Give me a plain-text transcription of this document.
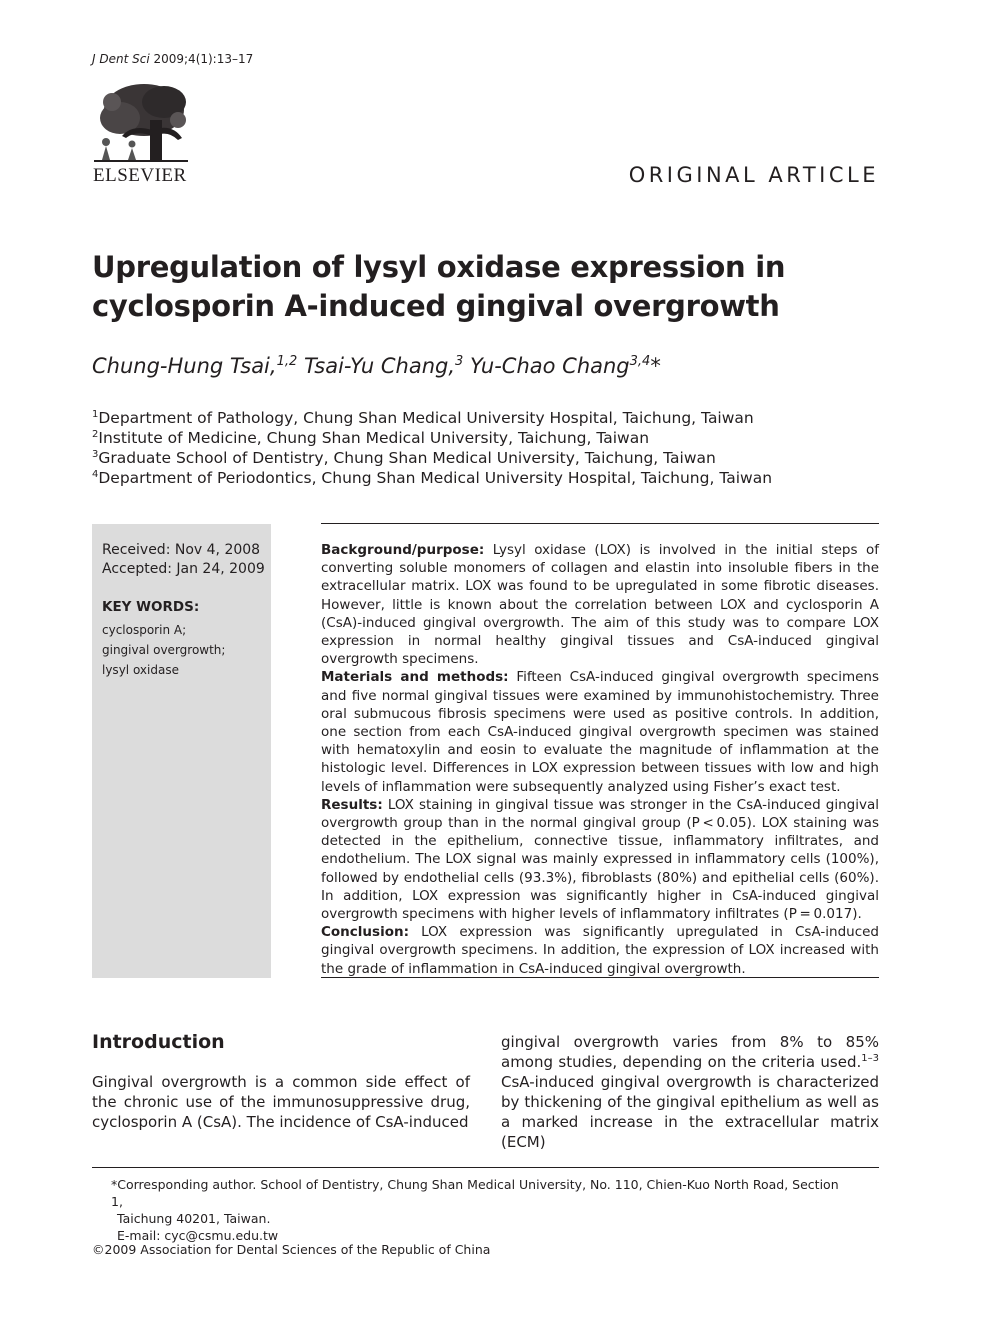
J Dent Sci 2009;4(1):13–17
ELSEVIER	ORIGINAL ARTICLE
Upregulation of lysyl oxidase expression in cyclosporin A-induced gingival overgrowth
Chung-Hung Tsai,$^{1,2}$ Tsai-Yu Chang,$^3$ Yu-Chao Chang$^{3,4}$*
$^1$Department of Pathology, Chung Shan Medical University Hospital, Taichung, Taiwan
$^2$Institute of Medicine, Chung Shan Medical University, Taichung, Taiwan
$^3$Graduate School of Dentistry, Chung Shan Medical University, Taichung, Taiwan
$^4$Department of Periodontics, Chung Shan Medical University Hospital, Taichung, Taiwan
Received: Nov 4, 2008
Accepted: Jan 24, 2009
KEY WORDS:
cyclosporin A;
gingival overgrowth;
lysyl oxidase

Background/purpose: Lysyl oxidase (LOX) is involved in the initial steps of converting soluble monomers of collagen and elastin into insoluble fibers in the extracellular matrix. LOX was found to be upregulated in some fibrotic diseases. However, little is known about the correlation between LOX and cyclosporin A (CsA)-induced gingival overgrowth. The aim of this study was to compare LOX expression in normal healthy gingival tissues and CsA-induced gingival overgrowth specimens.

Materials and methods: Fifteen CsA-induced gingival overgrowth specimens and five normal gingival tissues were examined by immunohistochemistry. Three oral submucous fibrosis specimens were used as positive controls. In addition, one section from each CsA-induced gingival overgrowth specimen was stained with hematoxylin and eosin to evaluate the magnitude of inflammation at the histologic level. Differences in LOX expression between tissues with low and high levels of inflammation were subsequently analyzed using Fisher’s exact test.

Results: LOX staining in gingival tissue was stronger in the CsA-induced gingival overgrowth group than in the normal gingival group (P < 0.05). LOX staining was detected in the epithelium, connective tissue, inflammatory infiltrates, and endothelium. The LOX signal was mainly expressed in inflammatory cells (100%), followed by endothelial cells (93.3%), fibroblasts (80%) and epithelial cells (60%). In addition, LOX expression was significantly higher in CsA-induced gingival overgrowth specimens with higher levels of inflammatory infiltrates (P = 0.017).

Conclusion: LOX expression was significantly upregulated in CsA-induced gingival overgrowth specimens. In addition, the expression of LOX increased with the grade of inflammation in CsA-induced gingival overgrowth.

Introduction

Gingival overgrowth is a common side effect of the chronic use of the immunosuppressive drug, cyclosporin A (CsA). The incidence of CsA-induced

gingival overgrowth varies from 8% to 85% among studies, depending on the criteria used.$^{1-3}$ CsA-induced gingival overgrowth is characterized by thickening of the gingival epithelium as well as a marked increase in the extracellular matrix (ECM)

*Corresponding author. School of Dentistry, Chung Shan Medical University, No. 110, Chien-Kuo North Road, Section 1,
Taichung 40201, Taiwan.
E-mail: cyc@csmu.edu.tw
©2009 Association for Dental Sciences of the Republic of China
